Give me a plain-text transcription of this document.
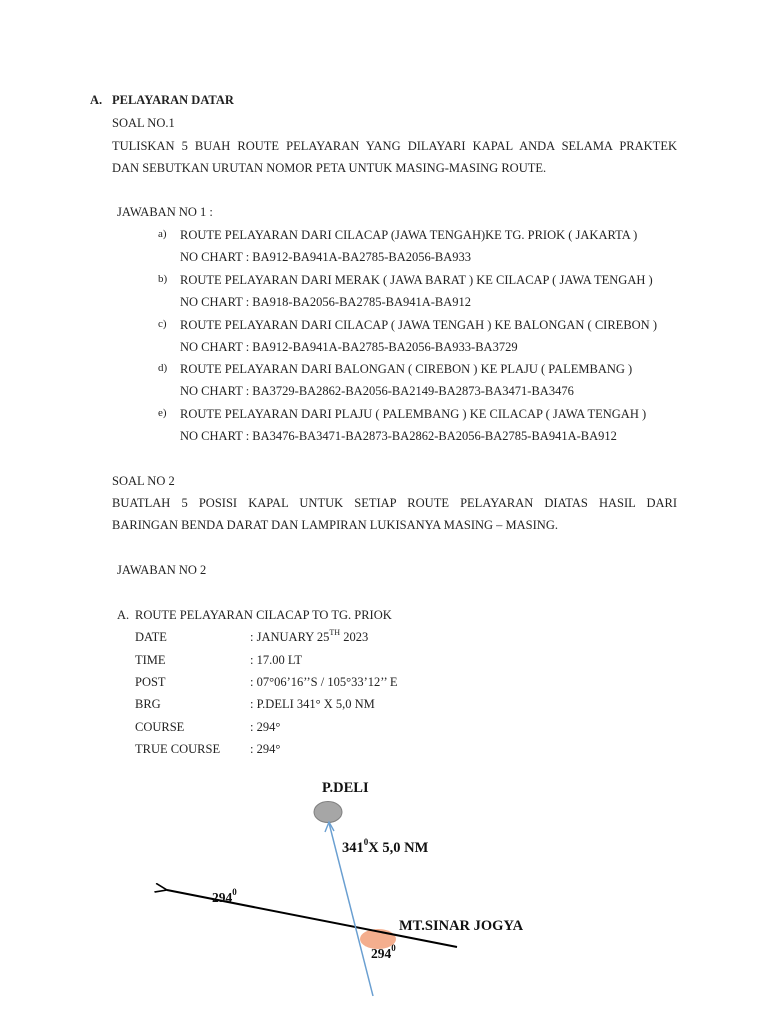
A. PELAYARAN DATAR
SOAL NO.1
TULISKAN 5 BUAH ROUTE PELAYARAN YANG DILAYARI KAPAL ANDA SELAMA PRAKTEK
DAN SEBUTKAN URUTAN NOMOR PETA UNTUK MASING-MASING ROUTE.
JAWABAN NO 1 :
a) ROUTE PELAYARAN DARI CILACAP (JAWA TENGAH)KE TG. PRIOK ( JAKARTA )
NO CHART : BA912-BA941A-BA2785-BA2056-BA933
b) ROUTE PELAYARAN DARI MERAK ( JAWA BARAT ) KE CILACAP ( JAWA TENGAH )
NO CHART : BA918-BA2056-BA2785-BA941A-BA912
c) ROUTE PELAYARAN DARI CILACAP ( JAWA TENGAH ) KE BALONGAN ( CIREBON )
NO CHART : BA912-BA941A-BA2785-BA2056-BA933-BA3729
d) ROUTE PELAYARAN DARI BALONGAN ( CIREBON ) KE PLAJU ( PALEMBANG )
NO CHART : BA3729-BA2862-BA2056-BA2149-BA2873-BA3471-BA3476
e) ROUTE PELAYARAN DARI PLAJU ( PALEMBANG ) KE CILACAP ( JAWA TENGAH )
NO CHART : BA3476-BA3471-BA2873-BA2862-BA2056-BA2785-BA941A-BA912
SOAL NO 2
BUATLAH 5 POSISI KAPAL UNTUK SETIAP ROUTE PELAYARAN DIATAS HASIL DARI
BARINGAN BENDA DARAT DAN LAMPIRAN LUKISANYA MASING – MASING.
JAWABAN NO 2
A. ROUTE PELAYARAN CILACAP TO TG. PRIOK
DATE	: JANUARY 25TH 2023
TIME	: 17.00 LT
POST	: 07°06’16’’S / 105°33’12’’ E
BRG	: P.DELI 341° X 5,0 NM
COURSE	: 294°
TRUE COURSE : 294°
P.DELI
$341^0X$ 5,0 NM
$294^0$
MT.SINAR JOGYA
$294^0$
